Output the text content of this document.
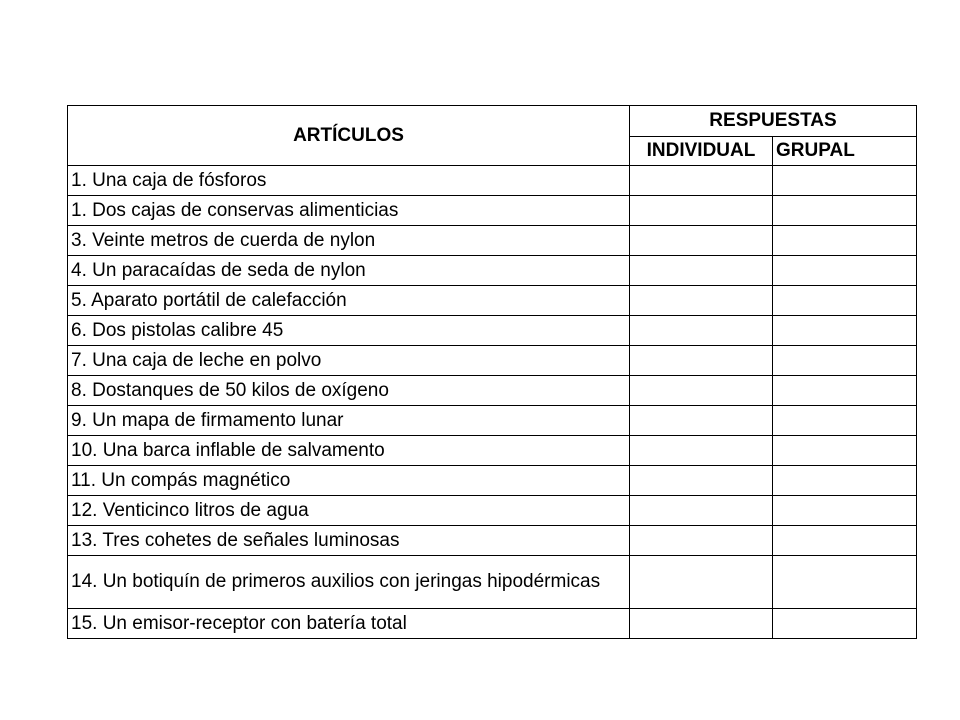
ARTÍCULOS	RESPUESTAS	
	INDIVIDUAL	GRUPAL
1. Una caja de fósforos		
1. Dos cajas de conservas alimenticias		
3. Veinte metros de cuerda de nylon		
4. Un paracaídas de seda de nylon		
5. Aparato portátil de calefacción		
6. Dos pistolas calibre 45		
7. Una caja de leche en polvo		
8. Dostanques de 50 kilos de oxígeno		
9. Un mapa de firmamento lunar		
10. Una barca inflable de salvamento		
11. Un compás magnético		
12. Venticinco litros de agua		
13. Tres cohetes de señales luminosas		
14. Un botiquín de primeros auxilios con jeringas hipodérmicas		
15. Un emisor-receptor con batería total		
